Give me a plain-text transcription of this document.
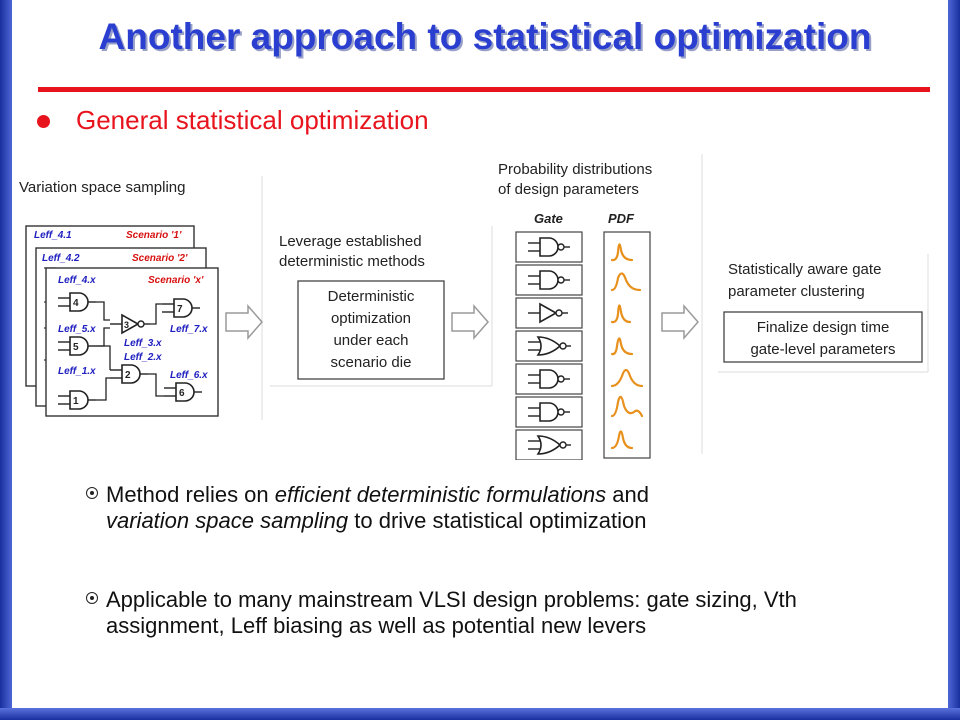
Another approach to statistical optimization
General statistical optimization
Variation space sampling
Leff_4.1	Scenario '1'
Leff_4.2	Scenario '2'
Leff_4.x	Scenario 'x'
4
7
3
5
2
1
6
Leff_5.x
Leff_3.x
Leff_7.x
Leff_2.x
Leff_1.x	Leff_6.x
Leverage established
deterministic methods
Deterministic
optimization
under each
scenario die
Probability distributions
of design parameters
Gate	PDF
Statistically aware gate
parameter clustering
Finalize design time
gate-level parameters
Method relies on efficient deterministic formulations and
variation space sampling to drive statistical optimization
Applicable to many mainstream VLSI design problems: gate sizing, Vth assignment, Leff biasing as well as potential new levers
